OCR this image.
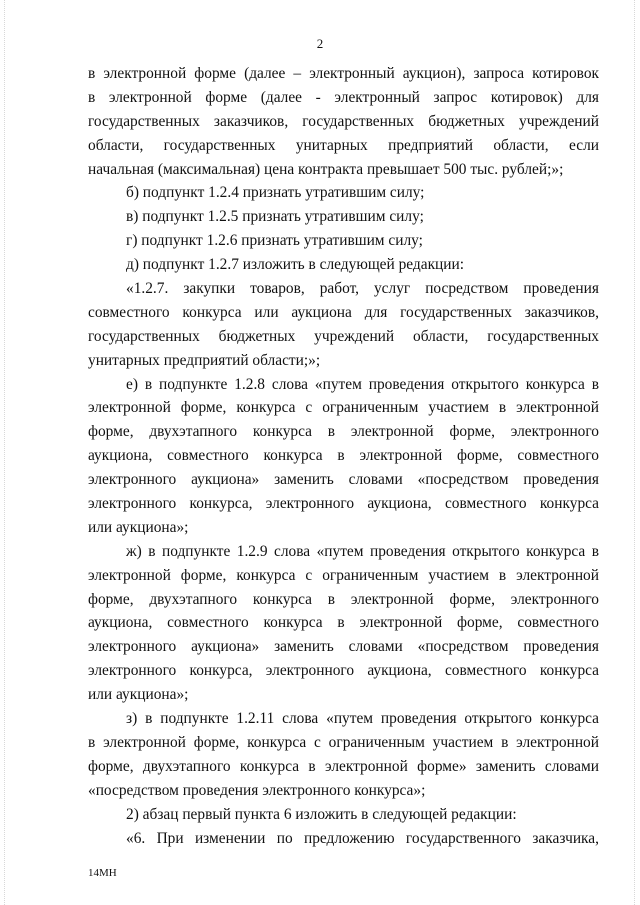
2
в электронной форме (далее – электронный аукцион), запроса котировок
в электронной форме (далее - электронный запрос котировок) для
государственных заказчиков, государственных бюджетных учреждений
области, государственных унитарных предприятий области, если
начальная (максимальная) цена контракта превышает 500 тыс. рублей;»;
б) подпункт 1.2.4 признать утратившим силу;
в) подпункт 1.2.5 признать утратившим силу;
г) подпункт 1.2.6 признать утратившим силу;
д) подпункт 1.2.7 изложить в следующей редакции:
«1.2.7. закупки товаров, работ, услуг посредством проведения
совместного конкурса или аукциона для государственных заказчиков,
государственных бюджетных учреждений области, государственных
унитарных предприятий области;»;
е) в подпункте 1.2.8 слова «путем проведения открытого конкурса в
электронной форме, конкурса с ограниченным участием в электронной
форме, двухэтапного конкурса в электронной форме, электронного
аукциона, совместного конкурса в электронной форме, совместного
электронного аукциона» заменить словами «посредством проведения
электронного конкурса, электронного аукциона, совместного конкурса
или аукциона»;
ж) в подпункте 1.2.9 слова «путем проведения открытого конкурса в
электронной форме, конкурса с ограниченным участием в электронной
форме, двухэтапного конкурса в электронной форме, электронного
аукциона, совместного конкурса в электронной форме, совместного
электронного аукциона» заменить словами «посредством проведения
электронного конкурса, электронного аукциона, совместного конкурса
или аукциона»;
з) в подпункте 1.2.11 слова «путем проведения открытого конкурса
в электронной форме, конкурса с ограниченным участием в электронной
форме, двухэтапного конкурса в электронной форме» заменить словами
«посредством проведения электронного конкурса»;
2) абзац первый пункта 6 изложить в следующей редакции:
«6. При изменении по предложению государственного заказчика,
14МН
